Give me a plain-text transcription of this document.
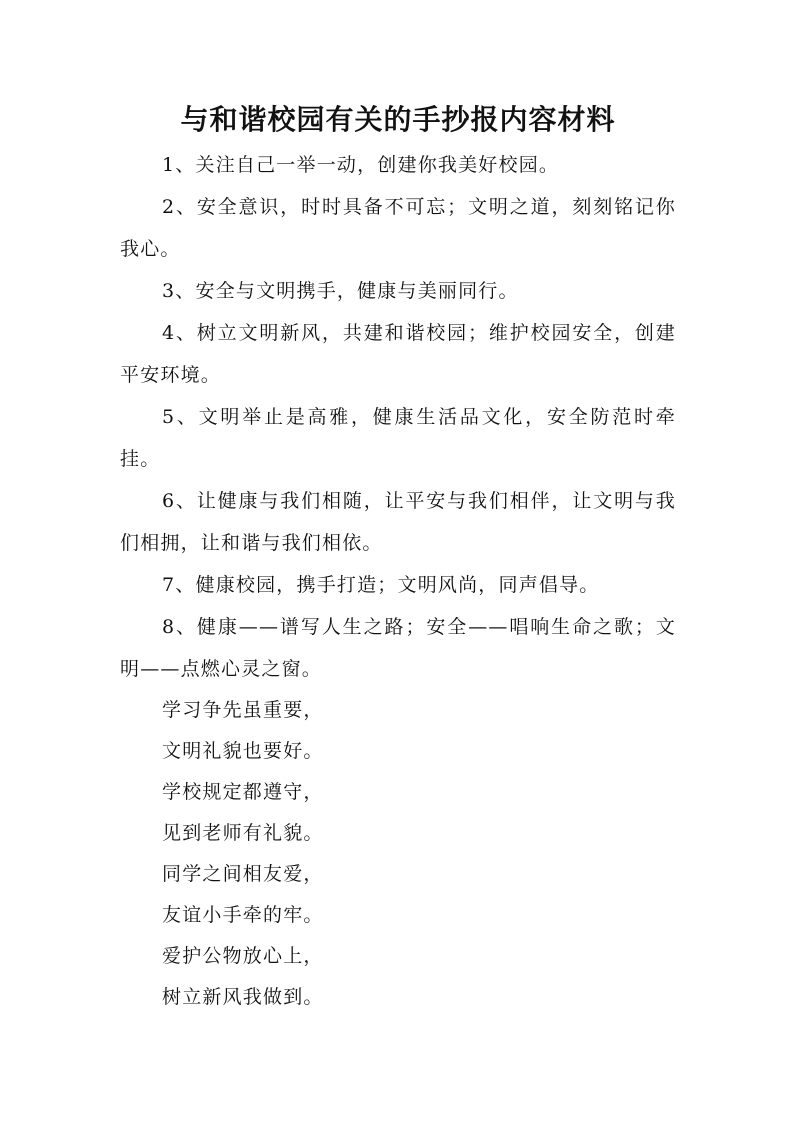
与和谐校园有关的手抄报内容材料

1、关注自己一举一动，创建你我美好校园。

2、安全意识，时时具备不可忘；文明之道，刻刻铭记你我心。

3、安全与文明携手，健康与美丽同行。

4、树立文明新风，共建和谐校园；维护校园安全，创建平安环境。

5、文明举止是高雅，健康生活品文化，安全防范时牵挂。

6、让健康与我们相随，让平安与我们相伴，让文明与我们相拥，让和谐与我们相依。

7、健康校园，携手打造；文明风尚，同声倡导。

8、健康——谱写人生之路；安全——唱响生命之歌；文明——点燃心灵之窗。

学习争先虽重要，

文明礼貌也要好。

学校规定都遵守，

见到老师有礼貌。

同学之间相友爱，

友谊小手牵的牢。

爱护公物放心上，

树立新风我做到。
